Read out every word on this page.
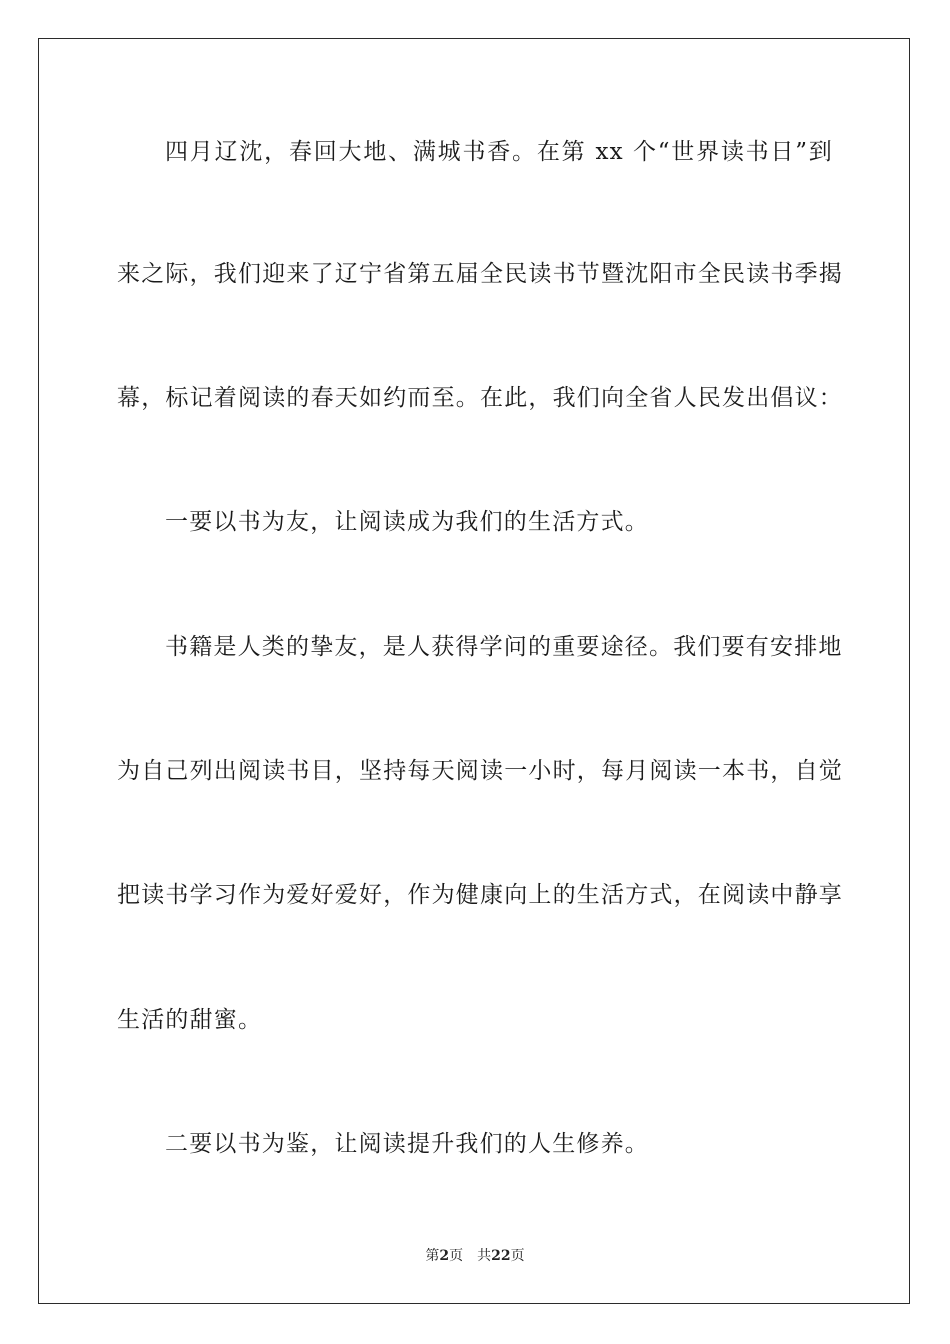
四月辽沈，春回大地、满城书香。在第 xx 个“世界读书日”到
来之际，我们迎来了辽宁省第五届全民读书节暨沈阳市全民读书季揭
幕，标记着阅读的春天如约而至。在此，我们向全省人民发出倡议：
一要以书为友，让阅读成为我们的生活方式。
书籍是人类的挚友，是人获得学问的重要途径。我们要有安排地
为自己列出阅读书目，坚持每天阅读一小时，每月阅读一本书，自觉
把读书学习作为爱好爱好，作为健康向上的生活方式，在阅读中静享
生活的甜蜜。
二要以书为鉴，让阅读提升我们的人生修养。
第2页 共22页
